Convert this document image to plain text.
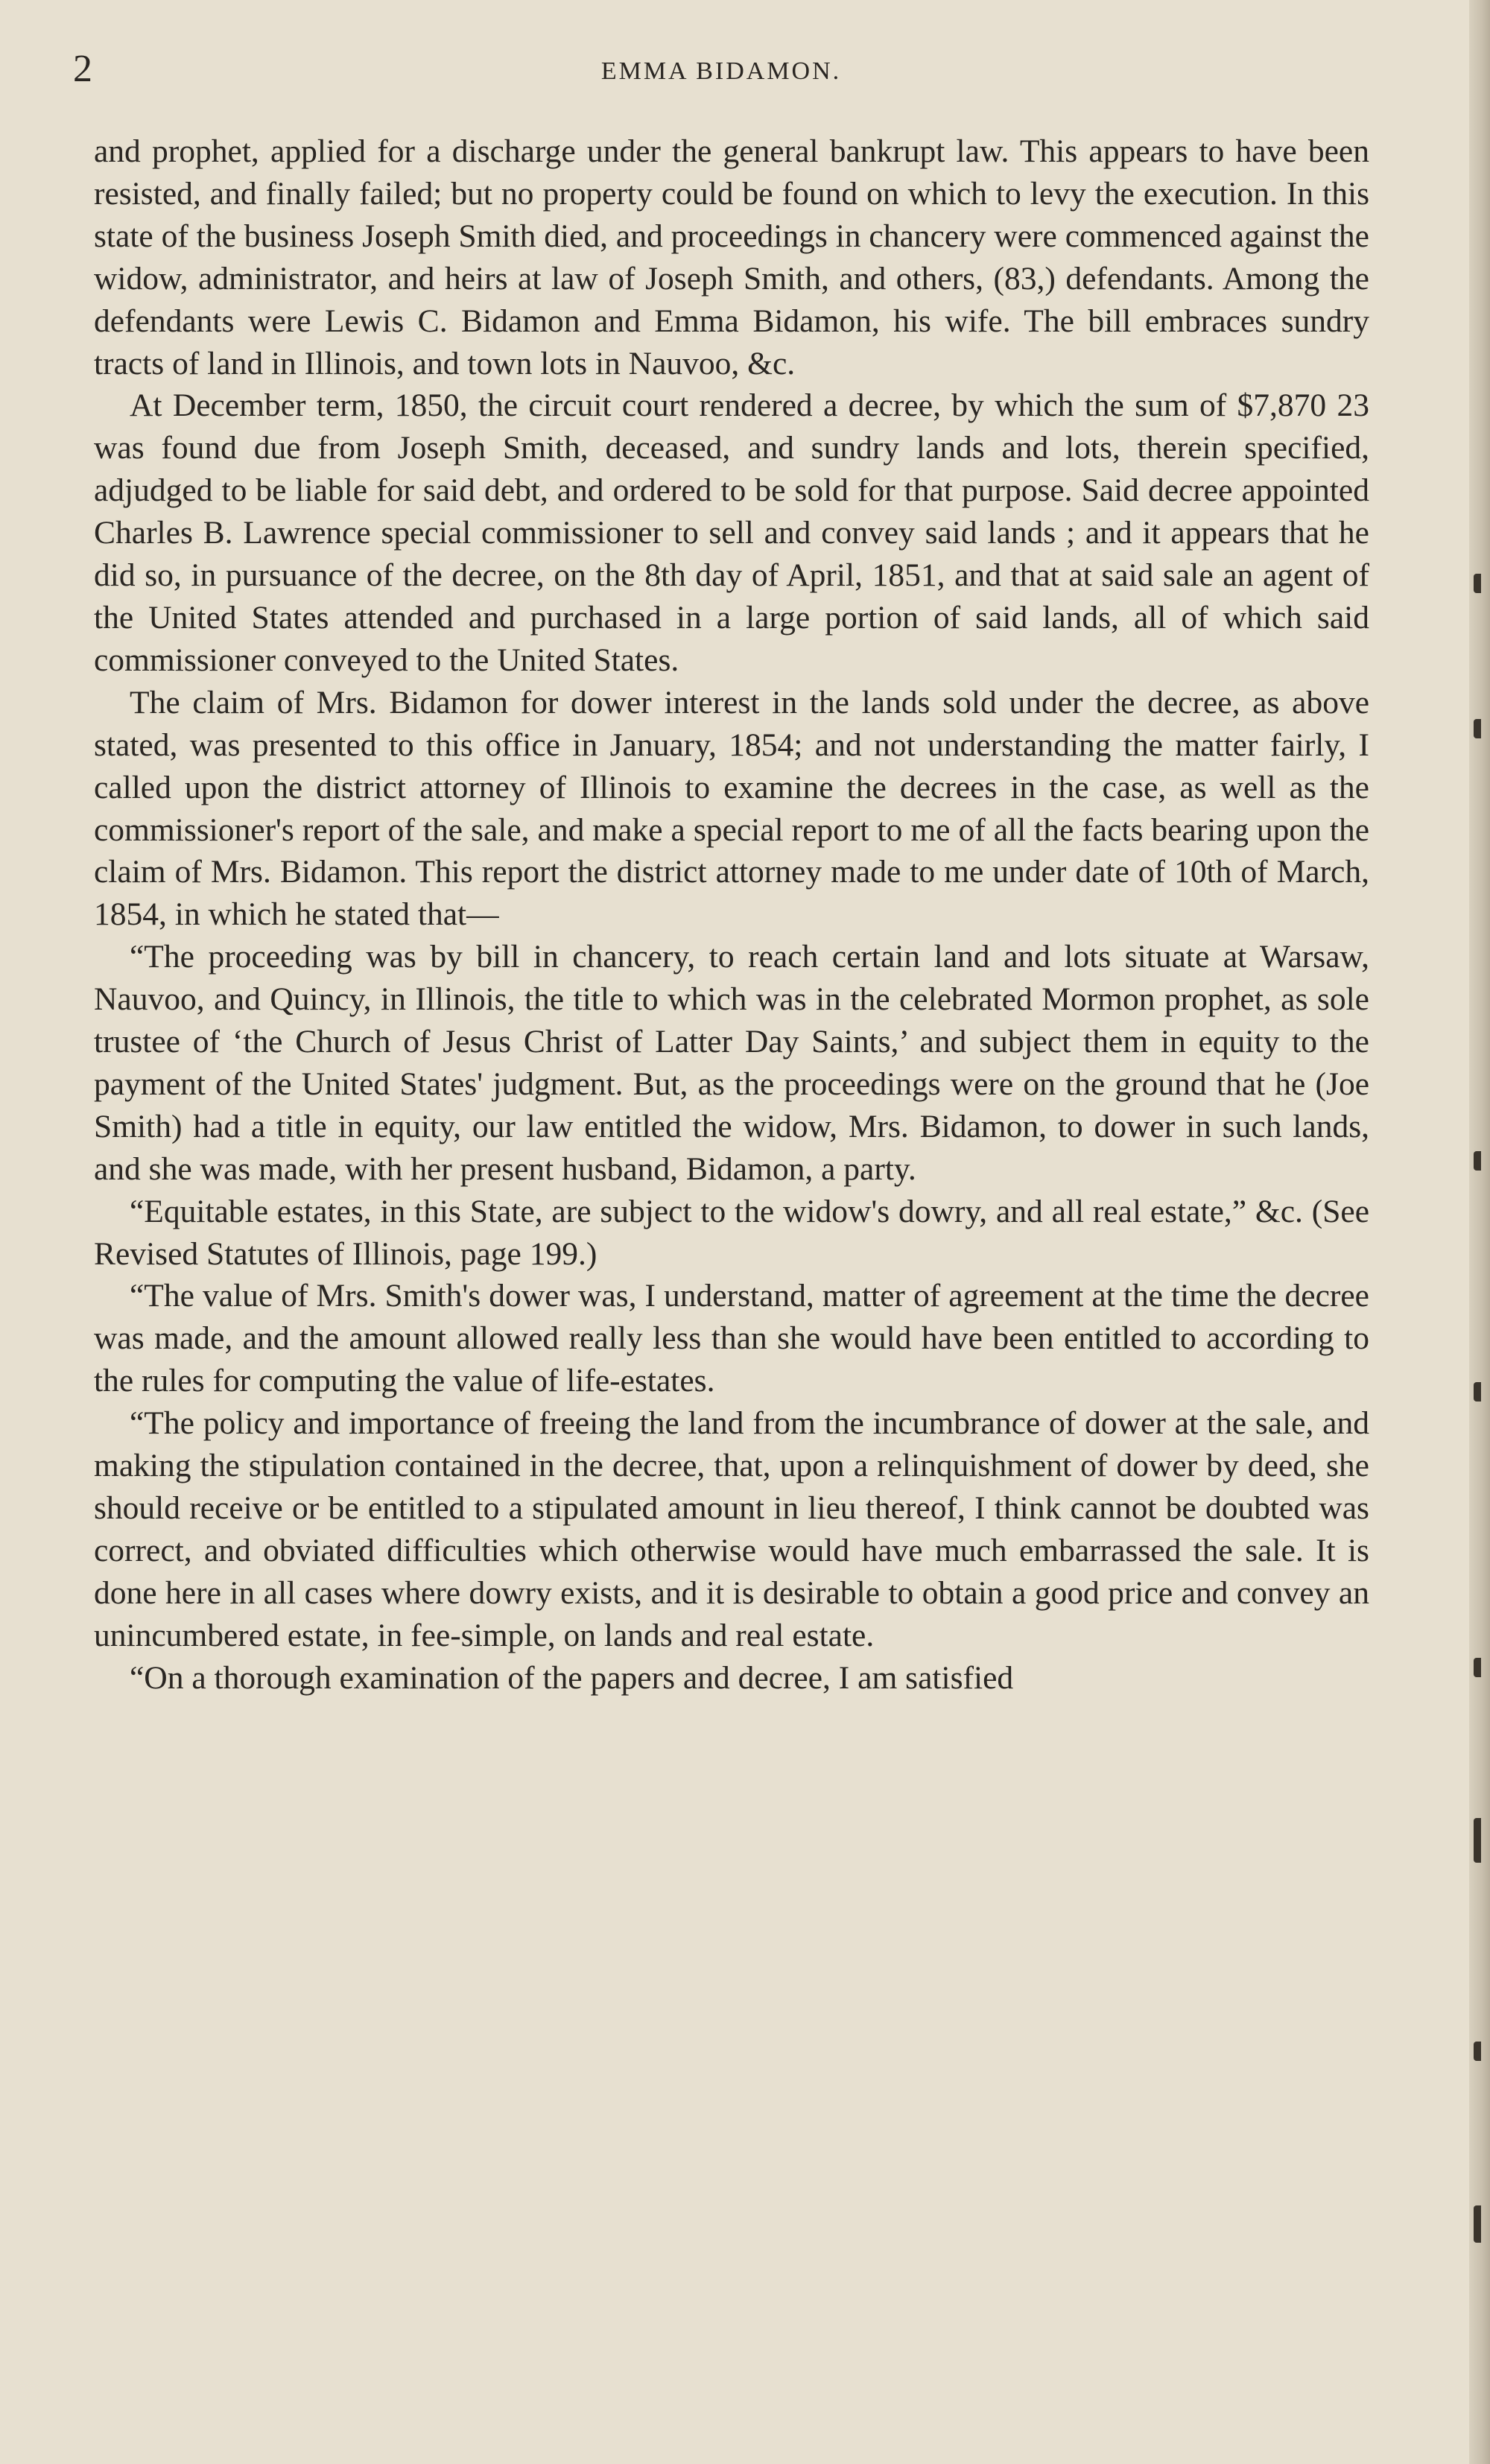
2	EMMA BIDAMON.

and prophet, applied for a discharge under the general bankrupt law. This appears to have been resisted, and finally failed; but no property could be found on which to levy the execution. In this state of the business Joseph Smith died, and proceedings in chancery were commenced against the widow, administrator, and heirs at law of Joseph Smith, and others, (83,) defendants. Among the defendants were Lewis C. Bidamon and Emma Bidamon, his wife. The bill embraces sundry tracts of land in Illinois, and town lots in Nauvoo, &c.

At December term, 1850, the circuit court rendered a decree, by which the sum of $7,870 23 was found due from Joseph Smith, deceased, and sundry lands and lots, therein specified, adjudged to be liable for said debt, and ordered to be sold for that purpose. Said decree appointed Charles B. Lawrence special commissioner to sell and convey said lands ; and it appears that he did so, in pursuance of the decree, on the 8th day of April, 1851, and that at said sale an agent of the United States attended and purchased in a large portion of said lands, all of which said commissioner conveyed to the United States.

The claim of Mrs. Bidamon for dower interest in the lands sold under the decree, as above stated, was presented to this office in January, 1854; and not understanding the matter fairly, I called upon the district attorney of Illinois to examine the decrees in the case, as well as the commissioner's report of the sale, and make a special report to me of all the facts bearing upon the claim of Mrs. Bidamon. This report the district attorney made to me under date of 10th of March, 1854, in which he stated that—

“The proceeding was by bill in chancery, to reach certain land and lots situate at Warsaw, Nauvoo, and Quincy, in Illinois, the title to which was in the celebrated Mormon prophet, as sole trustee of ‘the Church of Jesus Christ of Latter Day Saints,’ and subject them in equity to the payment of the United States' judgment. But, as the proceedings were on the ground that he (Joe Smith) had a title in equity, our law entitled the widow, Mrs. Bidamon, to dower in such lands, and she was made, with her present husband, Bidamon, a party.

“Equitable estates, in this State, are subject to the widow's dowry, and all real estate,” &c. (See Revised Statutes of Illinois, page 199.)

“The value of Mrs. Smith's dower was, I understand, matter of agreement at the time the decree was made, and the amount allowed really less than she would have been entitled to according to the rules for computing the value of life-estates.

“The policy and importance of freeing the land from the incumbrance of dower at the sale, and making the stipulation contained in the decree, that, upon a relinquishment of dower by deed, she should receive or be entitled to a stipulated amount in lieu thereof, I think cannot be doubted was correct, and obviated difficulties which otherwise would have much embarrassed the sale. It is done here in all cases where dowry exists, and it is desirable to obtain a good price and convey an unincumbered estate, in fee-simple, on lands and real estate.

“On a thorough examination of the papers and decree, I am satisfied
